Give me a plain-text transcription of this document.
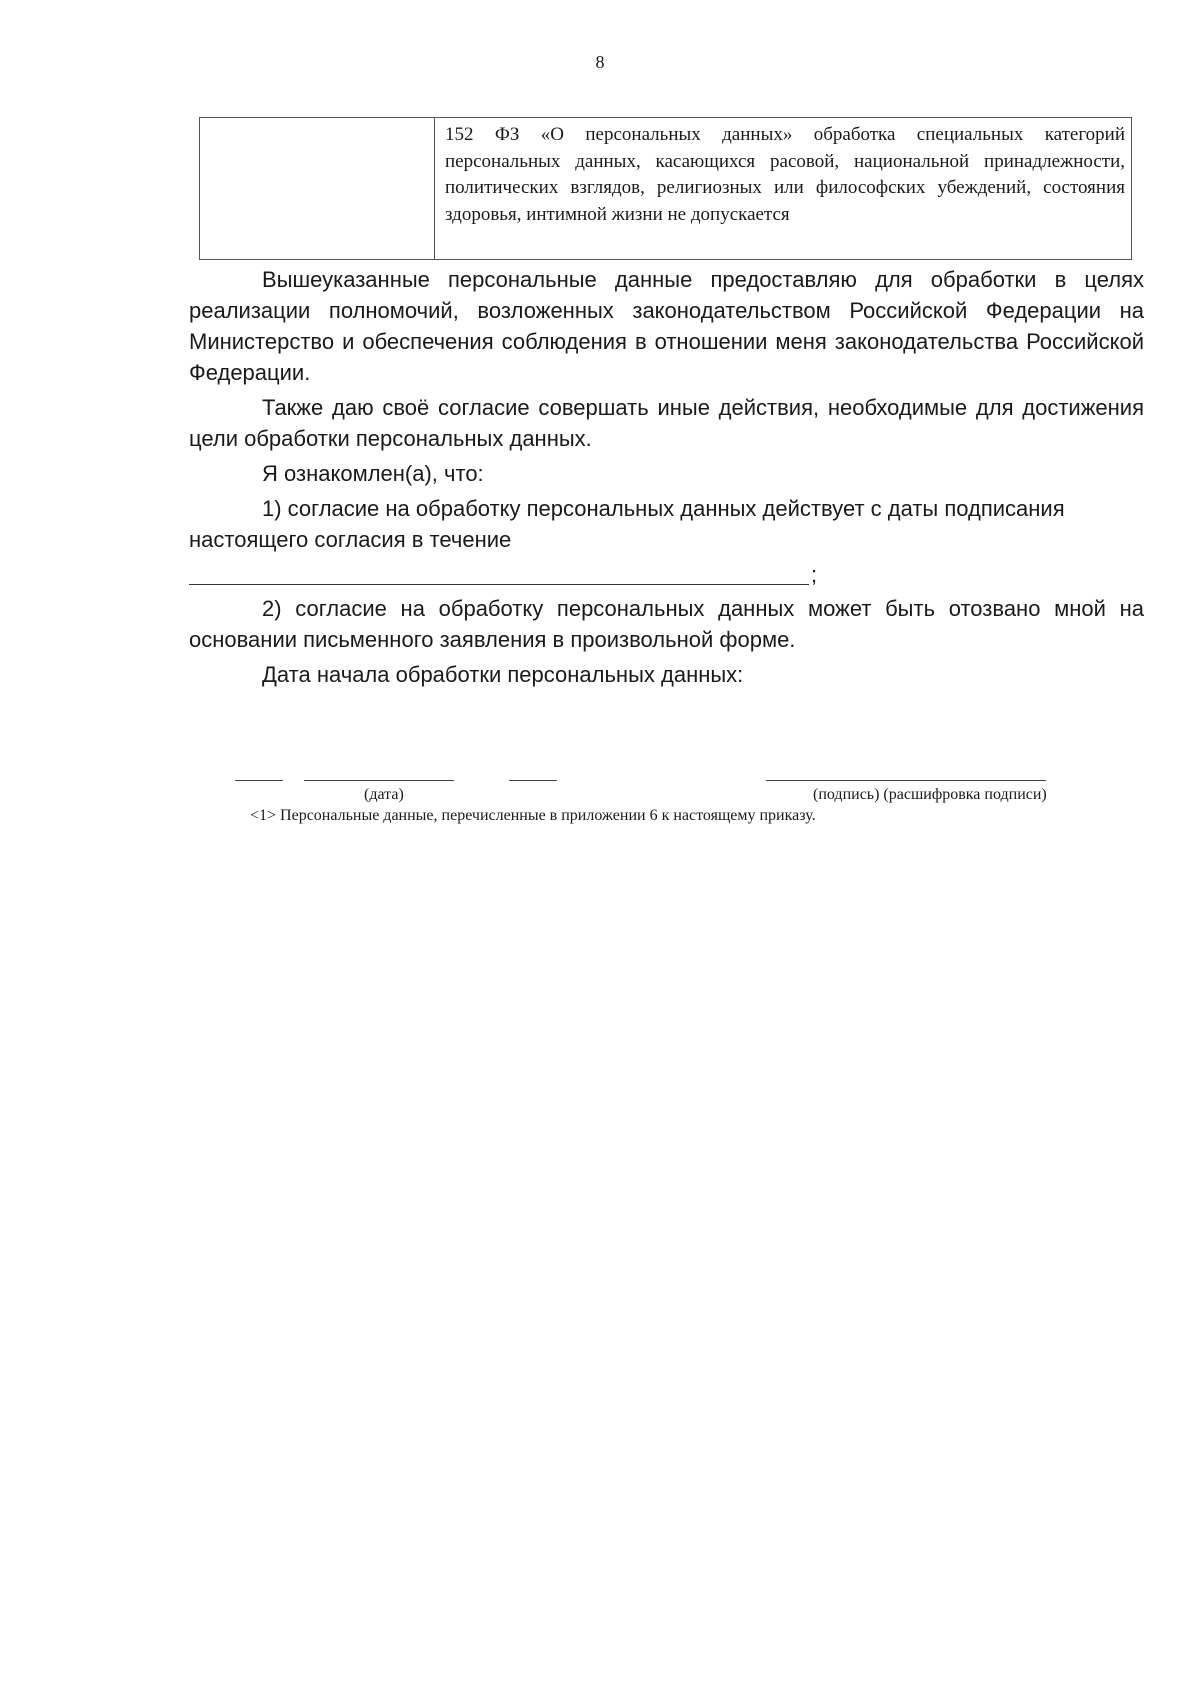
8

152 ФЗ «О персональных данных» обработка специальных категорий персональных данных, касающихся расовой, национальной принадлежности, политических взглядов, религиозных или философских убеждений, состояния здоровья, интимной жизни не допускается

Вышеуказанные персональные данные предоставляю для обработки в целях реализации полномочий, возложенных законодательством Российской Федерации на Министерство и обеспечения соблюдения в отношении меня законодательства Российской Федерации.

Также даю своё согласие совершать иные действия, необходимые для достижения цели обработки персональных данных.

Я ознакомлен(а), что:

1) согласие на обработку персональных данных действует с даты подписания настоящего согласия в течение

;

2) согласие на обработку персональных данных может быть отозвано мной на основании письменного заявления в произвольной форме.

Дата начала обработки персональных данных:

(дата)	(подпись) (расшифровка подписи)
<1> Персональные данные, перечисленные в приложении 6 к настоящему приказу.
